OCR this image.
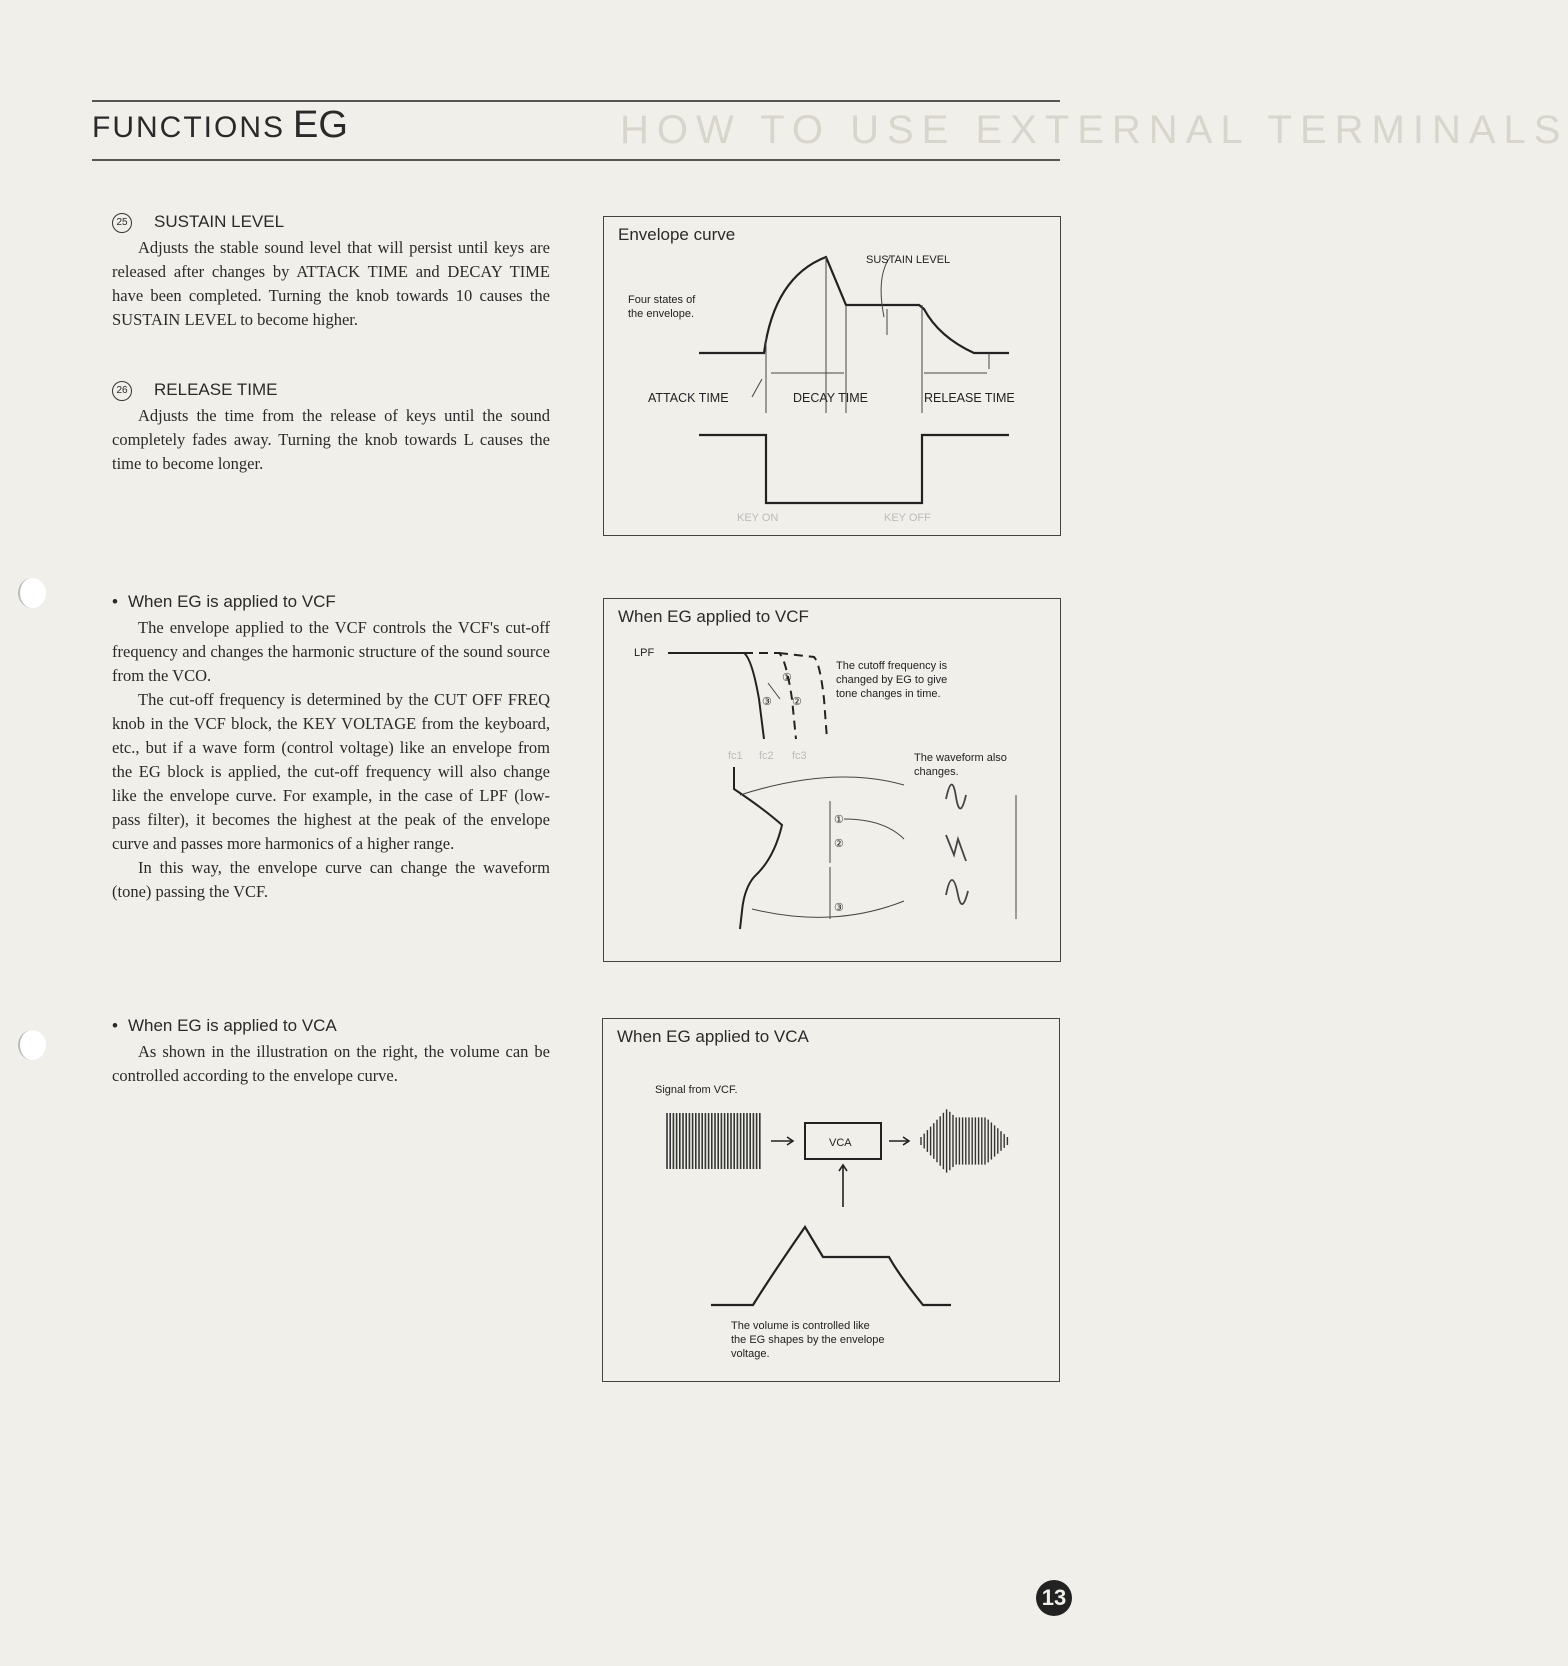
HOW TO USE EXTERNAL TERMINALS
FUNCTIONS EG
25 SUSTAIN LEVEL

Adjusts the stable sound level that will persist until keys are released after changes by ATTACK TIME and DECAY TIME have been completed. Turning the knob towards 10 causes the SUSTAIN LEVEL to become higher.

26 RELEASE TIME

Adjusts the time from the release of keys until the sound completely fades away. Turning the knob towards L causes the time to become longer.

• When EG is applied to VCF

The envelope applied to the VCF controls the VCF's cut-off frequency and changes the harmonic structure of the sound source from the VCO.

The cut-off frequency is determined by the CUT OFF FREQ knob in the VCF block, the KEY VOLTAGE from the keyboard, etc., but if a wave form (control voltage) like an envelope from the EG block is applied, the cut-off frequency will also change like the envelope curve. For example, in the case of LPF (low-pass filter), it becomes the highest at the peak of the envelope curve and passes more harmonics of a higher range.

In this way, the envelope curve can change the waveform (tone) passing the VCF.

• When EG is applied to VCA

As shown in the illustration on the right, the volume can be controlled according to the envelope curve.

Envelope curve
SUSTAIN LEVEL
Four states of
the envelope.
ATTACK TIME	DECAY TIME	RELEASE TIME
KEY ON	KEY OFF
When EG applied to VCF
LPF
①
③ ②
The cutoff frequency is
changed by EG to give
tone changes in time.
fc1 fc2 fc3	The waveform also
changes.
①
②
③
When EG applied to VCA
Signal from VCF.
VCA
The volume is controlled like
the EG shapes by the envelope
voltage.
13
